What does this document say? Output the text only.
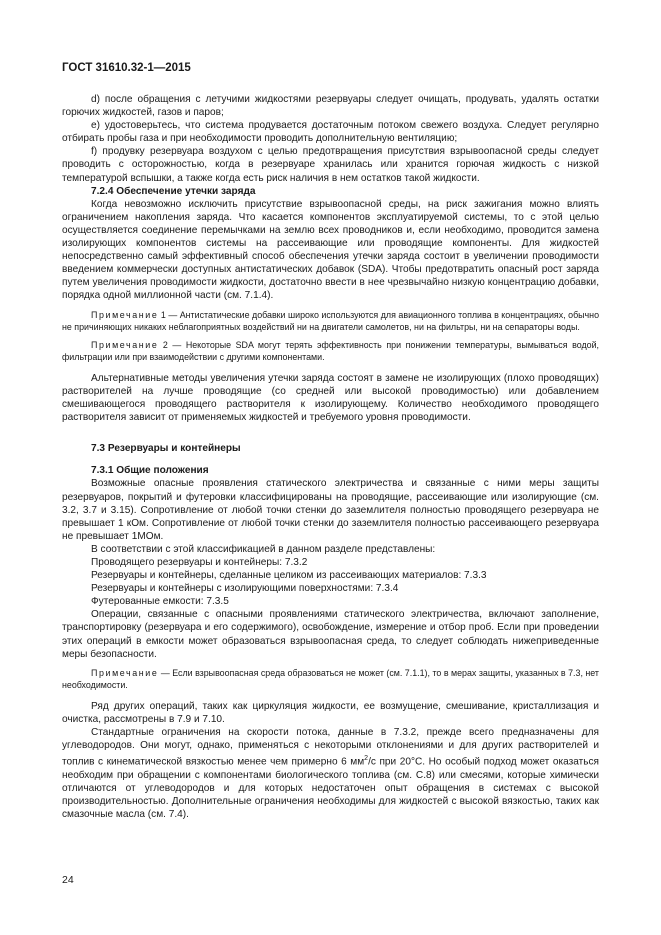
ГОСТ 31610.32-1—2015

d) после обращения с летучими жидкостями резервуары следует очищать, продувать, удалять остатки горючих жидкостей, газов и паров;

e) удостоверьтесь, что система продувается достаточным потоком свежего воздуха. Следует регулярно отбирать пробы газа и при необходимости проводить дополнительную вентиляцию;

f) продувку резервуара воздухом с целью предотвращения присутствия взрывоопасной среды следует проводить с осторожностью, когда в резервуаре хранилась или хранится горючая жидкость с низкой температурой вспышки, а также когда есть риск наличия в нем остатков такой жидкости.

7.2.4 Обеспечение утечки заряда

Когда невозможно исключить присутствие взрывоопасной среды, на риск зажигания можно влиять ограничением накопления заряда. Что касается компонентов эксплуатируемой системы, то с этой целью осуществляется соединение перемычками на землю всех проводников и, если необходимо, проводится замена изолирующих компонентов системы на рассеивающие или проводящие компоненты. Для жидкостей непосредственно самый эффективный способ обеспечения утечки заряда состоит в увеличении проводимости введением коммерчески доступных антистатических добавок (SDA). Чтобы предотвратить опасный рост заряда путем увеличения проводимости жидкости, достаточно ввести в нее чрезвычайно низкую концентрацию добавки, порядка одной миллионной части (см. 7.1.4).

Примечание 1 — Антистатические добавки широко используются для авиационного топлива в концентрациях, обычно не причиняющих никаких неблагоприятных воздействий ни на двигатели самолетов, ни на фильтры, ни на сепараторы воды.

Примечание 2 — Некоторые SDA могут терять эффективность при понижении температуры, вымываться водой, фильтрации или при взаимодействии с другими компонентами.

Альтернативные методы увеличения утечки заряда состоят в замене не изолирующих (плохо проводящих) растворителей на лучше проводящие (со средней или высокой проводимостью) или добавлением смешивающегося проводящего растворителя к изолирующему. Количество необходимого проводящего растворителя зависит от применяемых жидкостей и требуемого уровня проводимости.

7.3 Резервуары и контейнеры
7.3.1 Общие положения

Возможные опасные проявления статического электричества и связанные с ними меры защиты резервуаров, покрытий и футеровки классифицированы на проводящие, рассеивающие или изолирующие (см. 3.2, 3.7 и 3.15). Сопротивление от любой точки стенки до заземлителя полностью проводящего резервуара не превышает 1 кОм. Сопротивление от любой точки стенки до заземлителя полностью рассеивающего резервуара не превышает 1МОм.

В соответствии с этой классификацией в данном разделе представлены:

Проводящего резервуары и контейнеры: 7.3.2
Резервуары и контейнеры, сделанные целиком из рассеивающих материалов: 7.3.3
Резервуары и контейнеры с изолирующими поверхностями: 7.3.4
Футерованные емкости: 7.3.5

Операции, связанные с опасными проявлениями статического электричества, включают заполнение, транспортировку (резервуара и его содержимого), освобождение, измерение и отбор проб. Если при проведении этих операций в емкости может образоваться взрывоопасная среда, то следует соблюдать нижеприведенные меры безопасности.

Примечание — Если взрывоопасная среда образоваться не может (см. 7.1.1), то в мерах защиты, указанных в 7.3, нет необходимости.

Ряд других операций, таких как циркуляция жидкости, ее возмущение, смешивание, кристаллизация и очистка, рассмотрены в 7.9 и 7.10.

Стандартные ограничения на скорости потока, данные в 7.3.2, прежде всего предназначены для углеводородов. Они могут, однако, применяться с некоторыми отклонениями и для других растворителей и топлив с кинематической вязкостью менее чем примерно 6 $мм^2/с$ при 20°С. Но особый подход может оказаться необходим при обращении с компонентами биологического топлива (см. С.8) или смесями, которые химически отличаются от углеводородов и для которых недостаточен опыт обращения в системах с высокой производительностью. Дополнительные ограничения необходимы для жидкостей с высокой вязкостью, таких как смазочные масла (см. 7.4).

24
